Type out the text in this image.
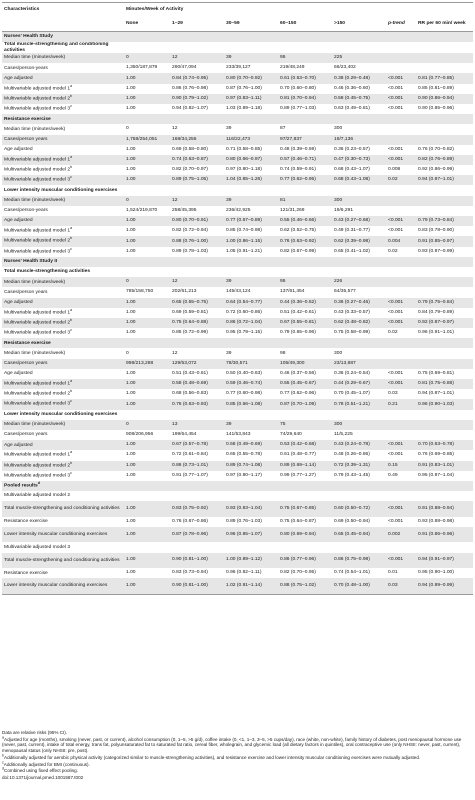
Characteristics	Minutes/Week of Activity						
	None	1–29	30–59	60–150	>150	p-trend	RR per 60 min/ week
Nurses' Health Study							
Total muscle-strengthening and conditioning activities							
Median time (minutes/week)	0	12	39	95	225		
Cases/person-years	1,350/187,879	290/47,094	233/39,127	219/48,249	66/23,402		
Age adjusted	1.00	0.84 (0.74–0.95)	0.80 (0.70–0.92)	0.61 (0.53–0.70)	0.38 (0.29–0.48)	<0.001	0.81 (0.77–0.85)
Multivariable adjusted model 1$^a$	1.00	0.86 (0.76–0.98)	0.87 (0.76–1.00)	0.70 (0.60–0.80)	0.46 (0.36–0.60)	<0.001	0.85 (0.81–0.89)
Multivariable adjusted model 2$^b$	1.00	0.90 (0.79–1.02)	0.97 (0.83–1.11)	0.81 (0.70–0.94)	0.58 (0.45–0.75)	<0.001	0.90 (0.86–0.94)
Multivariable adjusted model 3$^c$	1.00	0.94 (0.82–1.07)	1.03 (0.89–1.18)	0.89 (0.77–1.03)	0.63 (0.49–0.81)	<0.001	0.90 (0.85–0.96)
Resistance exercise							
Median time (minutes/week)	0	12	39	87	300		
Cases/person years	1,758/254,051	168/34,255	116/22,473	97/27,837	19/7,136		
Age adjusted	1.00	0.69 (0.58–0.80)	0.71 (0.58–0.85)	0.48 (0.39–0.59)	0.36 (0.23–0.57)	<0.001	0.76 (0.70–0.82)
Multivariable adjusted model 1$^a$	1.00	0.74 (0.63–0.87)	0.80 (0.66–0.97)	0.57 (0.46–0.71)	0.47 (0.30–0.73)	<0.001	0.82 (0.76–0.89)
Multivariable adjusted model 2$^b$	1.00	0.82 (0.70–0.97)	0.97 (0.80–1.18)	0.74 (0.59–0.91)	0.68 (0.43–1.07)	0.008	0.92 (0.86–0.99)
Multivariable adjusted model 3$^c$	1.00	0.89 (0.75–1.05)	1.04 (0.85–1.26)	0.77 (0.62–0.95)	0.68 (0.43–1.08)	0.02	0.94 (0.87–1.01)
Lower intensity muscular conditioning exercises							
Median time (minutes/week)	0	12	39	81	300		
Cases/person-years	1,524/219,870	258/45,395	236/42,925	121/31,269	19/6,291		
Age adjusted	1.00	0.80 (0.70–0.91)	0.77 (0.67–0.89)	0.55 (0.46–0.66)	0.43 (0.27–0.68)	<0.001	0.79 (0.73–0.84)
Multivariable adjusted model 1$^a$	1.00	0.82 (0.72–0.94)	0.85 (0.74–0.98)	0.62 (0.52–0.75)	0.49 (0.31–0.77)	<0.001	0.83 (0.78–0.90)
Multivariable adjusted model 2$^b$	1.00	0.88 (0.76–1.00)	1.00 (0.86–1.15)	0.76 (0.63–0.92)	0.62 (0.39–0.98)	0.004	0.91 (0.85–0.97)
Multivariable adjusted model 3$^c$	1.00	0.89 (0.78–1.03)	1.05 (0.91–1.21)	0.82 (0.67–0.99)	0.65 (0.41–1.02)	0.02	0.93 (0.87–0.99)
Nurses' Health Study II							
Total muscle-strengthening activities							
Median time (minutes/week)	0	12	39	95	226		
Cases/person years	785/158,750	202/61,213	145/43,124	137/61,454	64/35,577		
Age adjusted	1.00	0.65 (0.55–0.75)	0.64 (0.54–0.77)	0.44 (0.36–0.52)	0.36 (0.27–0.46)	<0.001	0.79 (0.75–0.84)
Multivariable adjusted model 1$^a$	1.00	0.69 (0.59–0.81)	0.72 (0.60–0.86)	0.51 (0.42–0.61)	0.43 (0.33–0.57)	<0.001	0.84 (0.79–0.89)
Multivariable adjusted model 2$^b$	1.00	0.75 (0.64–0.88)	0.86 (0.72–1.04)	0.67 (0.55–0.81)	0.62 (0.48–0.82)	<0.001	0.92 (0.87–0.97)
Multivariable adjusted model 3$^c$	1.00	0.85 (0.72–0.99)	0.95 (0.79–1.15)	0.79 (0.65–0.96)	0.75 (0.58–0.99)	0.02	0.96 (0.91–1.01)
Resistance exercise							
Median time (minutes/week)	0	12	39	98	300		
Cases/person years	998/213,288	129/53,072	78/30,571	105/49,300	23/13,887		
Age adjusted	1.00	0.51 (0.43–0.61)	0.50 (0.40–0.63)	0.46 (0.37–0.56)	0.36 (0.24–0.54)	<0.001	0.75 (0.69–0.81)
Multivariable adjusted model 1$^a$	1.00	0.58 (0.48–0.69)	0.59 (0.46–0.74)	0.55 (0.45–0.67)	0.44 (0.29–0.67)	<0.001	0.81 (0.75–0.88)
Multivariable adjusted model 2$^b$	1.00	0.68 (0.56–0.83)	0.77 (0.60–0.98)	0.77 (0.62–0.96)	0.70 (0.45–1.07)	0.03	0.94 (0.87–1.01)
Multivariable adjusted model 3$^c$	1.00	0.76 (0.63–0.93)	0.85 (0.66–1.08)	0.87 (0.70–1.09)	0.78 (0.51–1.21)	0.21	0.96 (0.90–1.03)
Lower intensity muscular conditioning exercises							
Median time (minutes/week)	0	13	39	75	300		
Cases/person years	908/206,956	199/64,454	141/53,843	74/29,640	11/5,225		
Age adjusted	1.00	0.67 (0.57–0.78)	0.58 (0.49–0.69)	0.53 (0.42–0.68)	0.43 (0.24–0.78)	<0.001	0.70 (0.63–0.78)
Multivariable adjusted model 1$^a$	1.00	0.72 (0.61–0.84)	0.65 (0.55–0.78)	0.61 (0.48–0.77)	0.48 (0.26–0.86)	<0.001	0.76 (0.69–0.85)
Multivariable adjusted model 2$^b$	1.00	0.86 (0.73–1.01)	0.89 (0.74–1.08)	0.89 (0.69–1.14)	0.72 (0.39–1.31)	0.15	0.91 (0.83–1.01)
Multivariable adjusted model 3$^c$	1.00	0.91 (0.77–1.07)	0.97 (0.80–1.17)	0.99 (0.77–1.27)	0.79 (0.43–1.45)	0.49	0.95 (0.87–1.04)
Pooled results$^d$							
Multivariable adjusted model 2							
Total muscle-strengthening and conditioning activities	1.00	0.83 (0.75–0.92)	0.93 (0.83–1.04)	0.75 (0.67–0.85)	0.60 (0.50–0.72)	<0.001	0.91 (0.88–0.94)
Resistance exercise	1.00	0.76 (0.67–0.86)	0.89 (0.76–1.03)	0.75 (0.64–0.87)	0.69 (0.50–0.94)	<0.001	0.93 (0.88–0.98)
Lower intensity muscular conditioning exercises	1.00	0.87 (0.78–0.96)	0.96 (0.85–1.07)	0.80 (0.69–0.94)	0.65 (0.45–0.94)	0.002	0.91 (0.86–0.96)
Multivariable adjusted model 3							
Total muscle-strengthening and conditioning activities	1.00	0.90 (0.81–1.00)	1.00 (0.89–1.12)	0.86 (0.77–0.96)	0.86 (0.75–0.98)	<0.001	0.94 (0.91–0.97)
Resistance exercise	1.00	0.83 (0.73–0.94)	0.96 (0.82–1.11)	0.82 (0.70–0.95)	0.74 (0.54–1.01)	0.01	0.95 (0.90–1.00)
Lower intensity muscular conditioning exercises	1.00	0.90 (0.81–1.00)	1.02 (0.91–1.14)	0.88 (0.75–1.02)	0.70 (0.48–1.00)	0.03	0.94 (0.89–0.99)

Data are relative risks (95% CI).

$^a$Adjusted for age (months), smoking (never, past, or current), alcohol consumption (0, 1–5, >5 g/d), coffee intake (0, <1, 1–3, 3–5, >5 cups/day), race (white, non-white), family history of diabetes, post menopausal hormone use (never, past, current), intake of total energy, trans fat, polyunsaturated fat to saturated fat ratio, cereal fiber, wholegrain, and glycemic load (all dietary factors in quintiles), oral contraceptive use (only NHSII: never, past, current), menopausal status (only NHSII: pre, post).

$^b$Additionally adjusted for aerobic physical activity (categorized similar to muscle-strengthening activities), and resistance exercise and lower intensity muscular conditioning exercises were mutually adjusted.

$^c$Additionally adjusted for BMI (continuous).

$^d$Combined using fixed effect pooling.

doi:10.1371/journal.pmed.1001587.t002
